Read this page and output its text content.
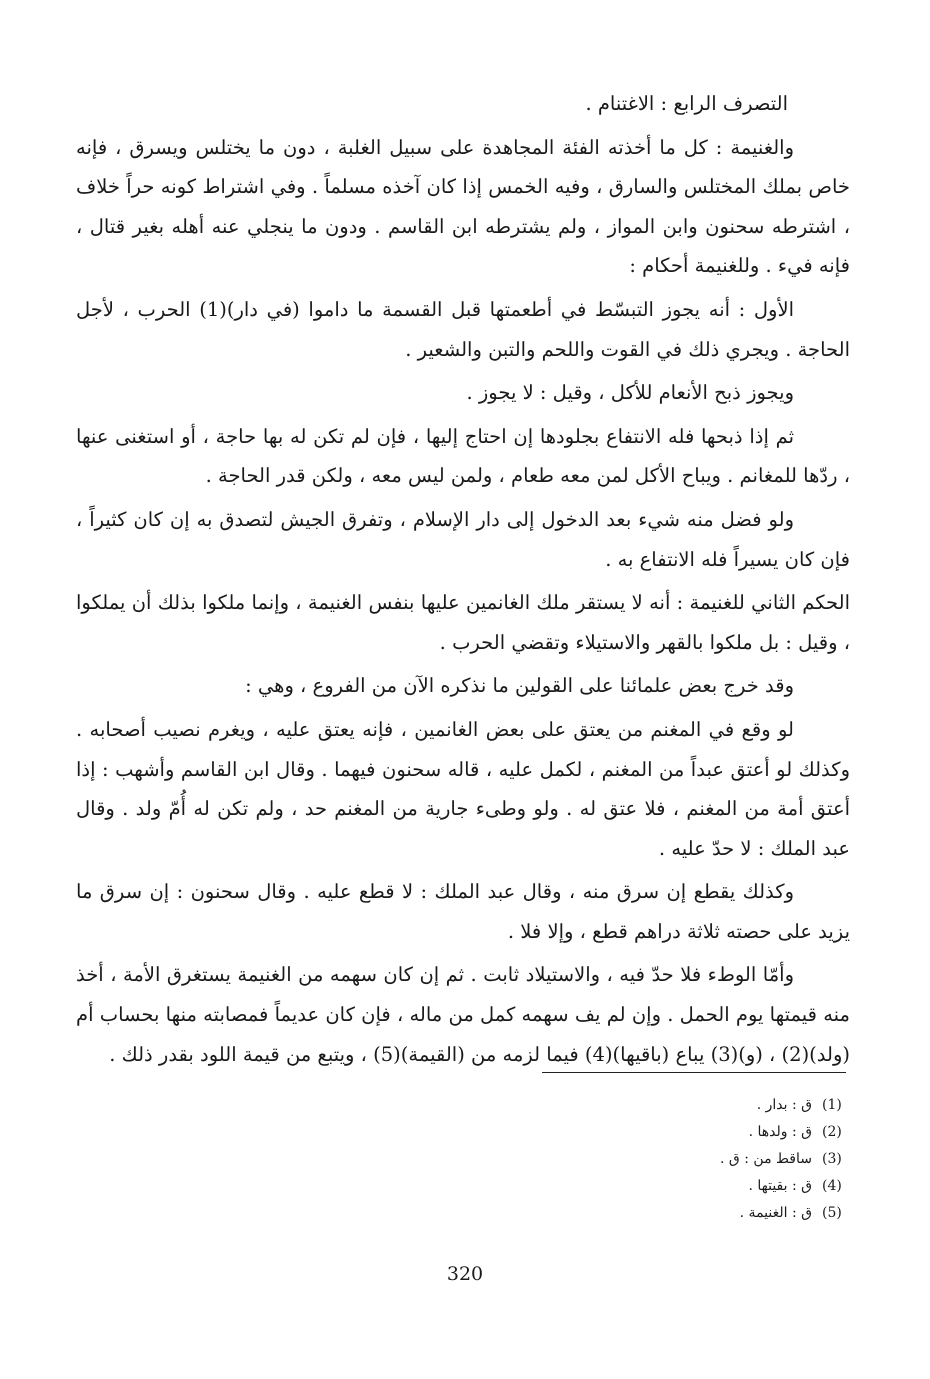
التصرف الرابع : الاغتنام .

والغنيمة : كل ما أخذته الفئة المجاهدة على سبيل الغلبة ، دون ما يختلس ويسرق ، فإنه خاص بملك المختلس والسارق ، وفيه الخمس إذا كان آخذه مسلماً . وفي اشتراط كونه حراً خلاف ، اشترطه سحنون وابن المواز ، ولم يشترطه ابن القاسم . ودون ما ينجلي عنه أهله بغير قتال ، فإنه فيء . وللغنيمة أحكام :

الأول : أنه يجوز التبسّط في أطعمتها قبل القسمة ما داموا (في دار)(1) الحرب ، لأجل الحاجة . ويجري ذلك في القوت واللحم والتبن والشعير .

ويجوز ذبح الأنعام للأكل ، وقيل : لا يجوز .

ثم إذا ذبحها فله الانتفاع بجلودها إن احتاج إليها ، فإن لم تكن له بها حاجة ، أو استغنى عنها ، ردّها للمغانم . ويباح الأكل لمن معه طعام ، ولمن ليس معه ، ولكن قدر الحاجة .

ولو فضل منه شيء بعد الدخول إلى دار الإسلام ، وتفرق الجيش لتصدق به إن كان كثيراً ، فإن كان يسيراً فله الانتفاع به .

الحكم الثاني للغنيمة : أنه لا يستقر ملك الغانمين عليها بنفس الغنيمة ، وإنما ملكوا بذلك أن يملكوا ، وقيل : بل ملكوا بالقهر والاستيلاء وتقضي الحرب .

وقد خرج بعض علمائنا على القولين ما نذكره الآن من الفروع ، وهي :

لو وقع في المغنم من يعتق على بعض الغانمين ، فإنه يعتق عليه ، ويغرم نصيب أصحابه . وكذلك لو أعتق عبداً من المغنم ، لكمل عليه ، قاله سحنون فيهما . وقال ابن القاسم وأشهب : إذا أعتق أمة من المغنم ، فلا عتق له . ولو وطىء جارية من المغنم حد ، ولم تكن له أُمّ ولد . وقال عبد الملك : لا حدّ عليه .

وكذلك يقطع إن سرق منه ، وقال عبد الملك : لا قطع عليه . وقال سحنون : إن سرق ما يزيد على حصته ثلاثة دراهم قطع ، وإلا فلا .

وأمّا الوطء فلا حدّ فيه ، والاستيلاد ثابت . ثم إن كان سهمه من الغنيمة يستغرق الأمة ، أخذ منه قيمتها يوم الحمل . وإن لم يف سهمه كمل من ماله ، فإن كان عديماً فمصابته منها بحساب أم (ولد)(2) ، (و)(3) يباع (باقيها)(4) فيما لزمه من (القيمة)(5) ، ويتبع من قيمة اللود بقدر ذلك .

(1)
ق : بدار .
(2)
ق : ولدها .
(3)
ساقط من : ق .
(4)
ق : بقيتها .
(5)
ق : الغنيمة .
320
